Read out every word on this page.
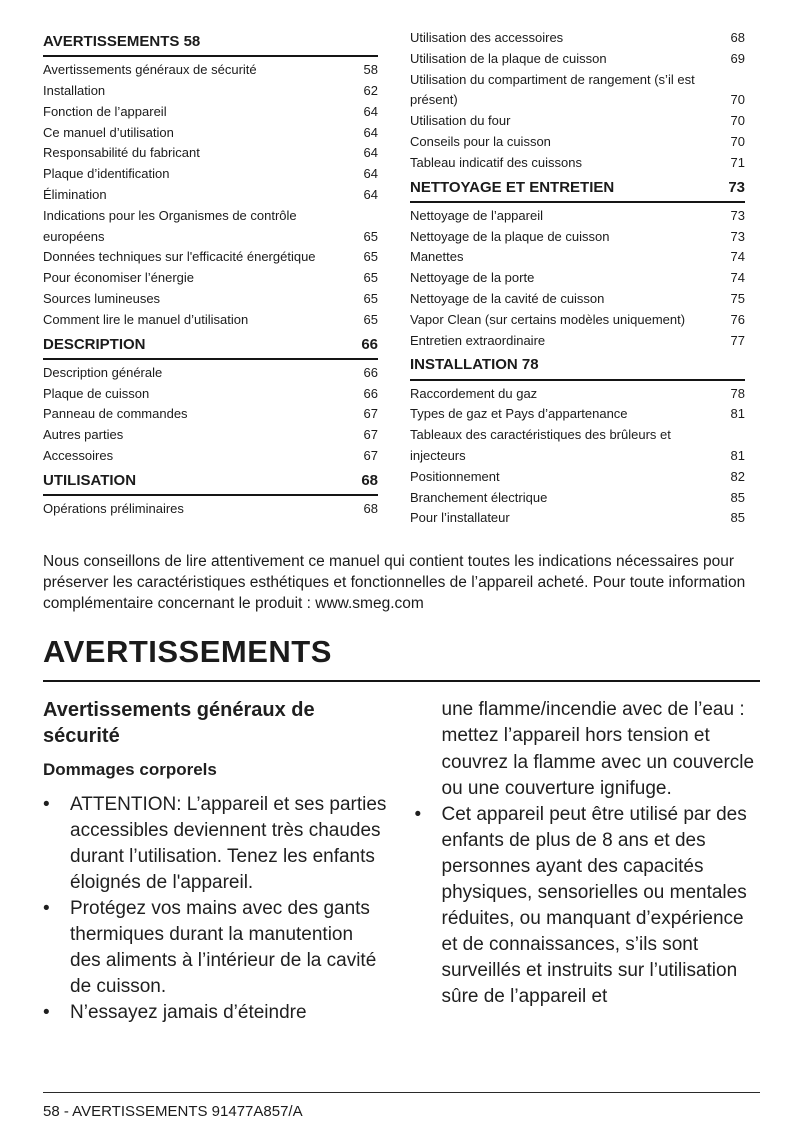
AVERTISSEMENTS 58
Avertissements généraux de sécurité	58
Installation	62
Fonction de l’appareil	64
Ce manuel d’utilisation	64
Responsabilité du fabricant	64
Plaque d’identification	64
Élimination	64
Indications pour les Organismes de contrôle européens	65
Données techniques sur l'efficacité énergétique	65
Pour économiser l’énergie	65
Sources lumineuses	65
Comment lire le manuel d’utilisation	65
DESCRIPTION	66
Description générale	66
Plaque de cuisson	66
Panneau de commandes	67
Autres parties	67
Accessoires	67
UTILISATION	68
Opérations préliminaires	68
Utilisation des accessoires	68
Utilisation de la plaque de cuisson	69
Utilisation du compartiment de rangement (s’il est présent)	70
Utilisation du four	70
Conseils pour la cuisson	70
Tableau indicatif des cuissons	71
NETTOYAGE ET ENTRETIEN	73
Nettoyage de l’appareil	73
Nettoyage de la plaque de cuisson	73
Manettes	74
Nettoyage de la porte	74
Nettoyage de la cavité de cuisson	75
Vapor Clean (sur certains modèles uniquement)	76
Entretien extraordinaire	77
INSTALLATION 78
Raccordement du gaz	78
Types de gaz et Pays d’appartenance	81
Tableaux des caractéristiques des brûleurs et injecteurs	81
Positionnement	82
Branchement électrique	85
Pour l’installateur	85

Nous conseillons de lire attentivement ce manuel qui contient toutes les indications nécessaires pour préserver les caractéristiques esthétiques et fonctionnelles de l’appareil acheté. Pour toute information complémentaire concernant le produit : www.smeg.com

AVERTISSEMENTS
Avertissements généraux de sécurité
Dommages corporels
•	ATTENTION: L’appareil et ses parties accessibles deviennent très chaudes durant l’utilisation. Tenez les enfants éloignés de l'appareil.
•	Protégez vos mains avec des gants thermiques durant la manutention des aliments à l’intérieur de la cavité de cuisson.
•	N’essayez jamais d’éteindre

une flamme/incendie avec de l’eau : mettez l’appareil hors tension et couvrez la flamme avec un couvercle ou une couverture ignifuge.

•	Cet appareil peut être utilisé par des enfants de plus de 8 ans et des personnes ayant des capacités physiques, sensorielles ou mentales réduites, ou manquant d’expérience et de connaissances, s’ils sont surveillés et instruits sur l’utilisation sûre de l’appareil et
58 - AVERTISSEMENTS 91477A857/A
